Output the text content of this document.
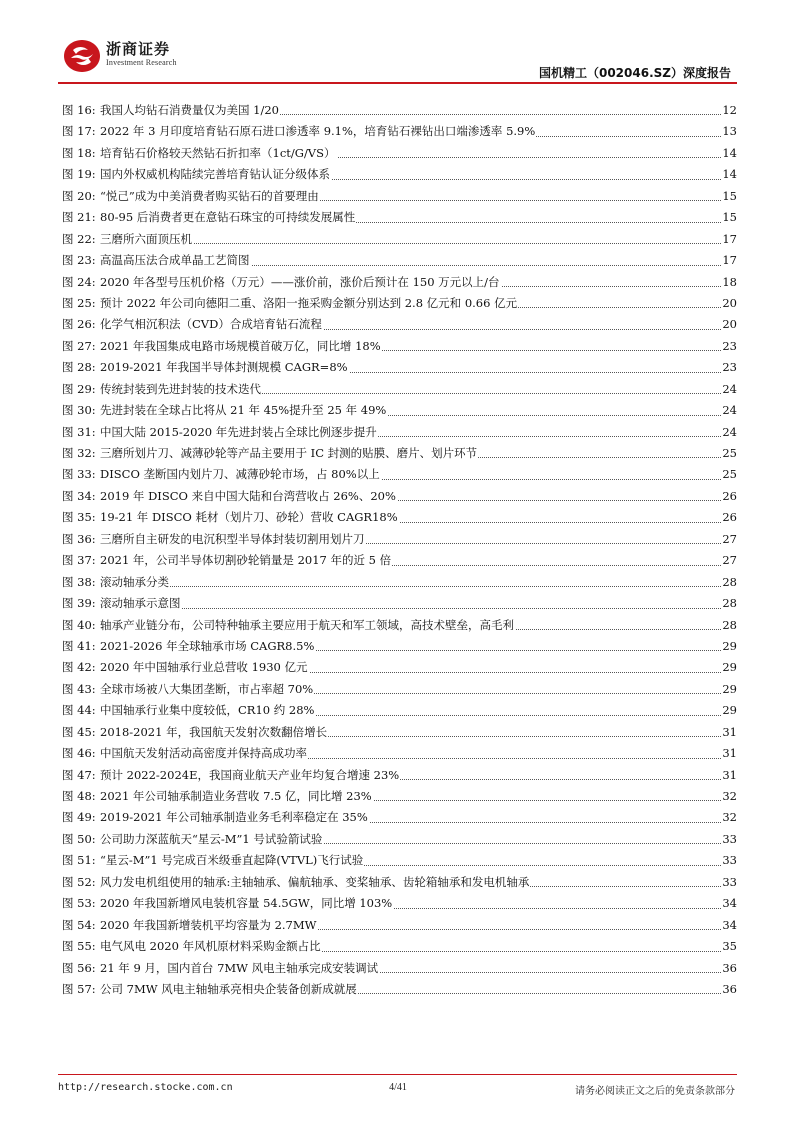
浙商证券
Investment Research
国机精工（002046.SZ）深度报告
图 16: 我国人均钻石消费量仅为美国 1/20	12
图 17: 2022 年 3 月印度培育钻石原石进口渗透率 9.1%，培育钻石裸钻出口端渗透率 5.9%	13
图 18: 培育钻石价格较天然钻石折扣率（1ct/G/VS）	14
图 19: 国内外权威机构陆续完善培育钻认证分级体系	14
图 20: “悦己”成为中美消费者购买钻石的首要理由	15
图 21: 80-95 后消费者更在意钻石珠宝的可持续发展属性	15
图 22: 三磨所六面顶压机	17
图 23: 高温高压法合成单晶工艺简图	17
图 24: 2020 年各型号压机价格（万元）——涨价前，涨价后预计在 150 万元以上/台	18
图 25: 预计 2022 年公司向德阳二重、洛阳一拖采购金额分别达到 2.8 亿元和 0.66 亿元	20
图 26: 化学气相沉积法（CVD）合成培育钻石流程	20
图 27: 2021 年我国集成电路市场规模首破万亿，同比增 18%	23
图 28: 2019-2021 年我国半导体封测规模 CAGR=8%	23
图 29: 传统封装到先进封装的技术迭代	24
图 30: 先进封装在全球占比将从 21 年 45%提升至 25 年 49%	24
图 31: 中国大陆 2015-2020 年先进封装占全球比例逐步提升	24
图 32: 三磨所划片刀、减薄砂轮等产品主要用于 IC 封测的贴膜、磨片、划片环节	25
图 33: DISCO 垄断国内划片刀、减薄砂轮市场，占 80%以上	25
图 34: 2019 年 DISCO 来自中国大陆和台湾营收占 26%、20%	26
图 35: 19-21 年 DISCO 耗材（划片刀、砂轮）营收 CAGR18%	26
图 36: 三磨所自主研发的电沉积型半导体封装切割用划片刀	27
图 37: 2021 年，公司半导体切割砂轮销量是 2017 年的近 5 倍	27
图 38: 滚动轴承分类	28
图 39: 滚动轴承示意图	28
图 40: 轴承产业链分布，公司特种轴承主要应用于航天和军工领域，高技术壁垒，高毛利	28
图 41: 2021-2026 年全球轴承市场 CAGR8.5%	29
图 42: 2020 年中国轴承行业总营收 1930 亿元	29
图 43: 全球市场被八大集团垄断，市占率超 70%	29
图 44: 中国轴承行业集中度较低，CR10 约 28%	29
图 45: 2018-2021 年，我国航天发射次数翻倍增长	31
图 46: 中国航天发射活动高密度并保持高成功率	31
图 47: 预计 2022-2024E，我国商业航天产业年均复合增速 23%	31
图 48: 2021 年公司轴承制造业务营收 7.5 亿，同比增 23%	32
图 49: 2019-2021 年公司轴承制造业务毛利率稳定在 35%	32
图 50: 公司助力深蓝航天“星云-M”1 号试验箭试验	33
图 51: “星云-M”1 号完成百米级垂直起降(VTVL)飞行试验	33
图 52: 风力发电机组使用的轴承:主轴轴承、偏航轴承、变桨轴承、齿轮箱轴承和发电机轴承	33
图 53: 2020 年我国新增风电装机容量 54.5GW，同比增 103%	34
图 54: 2020 年我国新增装机平均容量为 2.7MW	34
图 55: 电气风电 2020 年风机原材料采购金额占比	35
图 56: 21 年 9 月，国内首台 7MW 风电主轴承完成安装调试	36
图 57: 公司 7MW 风电主轴轴承亮相央企装备创新成就展	36
http://research.stocke.com.cn	4/41	请务必阅读正文之后的免责条款部分
